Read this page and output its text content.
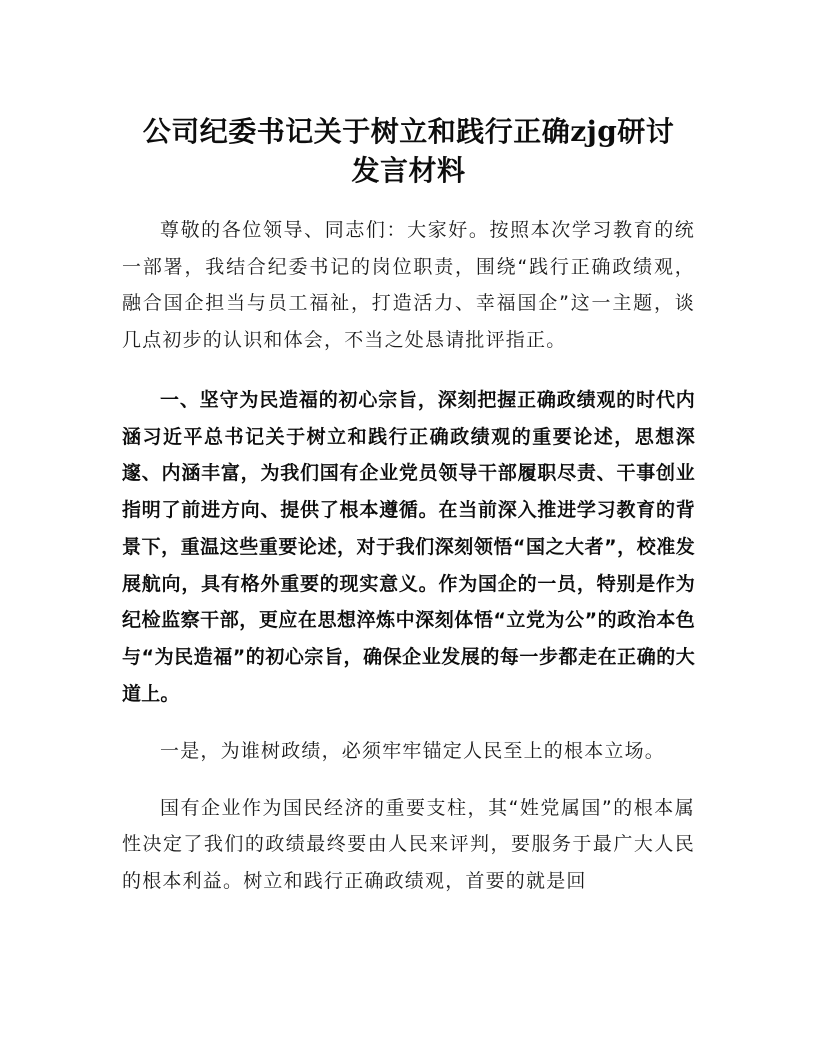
公司纪委书记关于树立和践行正确zjg研讨
发言材料

尊敬的各位领导、同志们：大家好。按照本次学习教育的统一部署，我结合纪委书记的岗位职责，围绕“践行正确政绩观，融合国企担当与员工福祉，打造活力、幸福国企”这一主题，谈几点初步的认识和体会，不当之处恳请批评指正。

一、坚守为民造福的初心宗旨，深刻把握正确政绩观的时代内涵习近平总书记关于树立和践行正确政绩观的重要论述，思想深邃、内涵丰富，为我们国有企业党员领导干部履职尽责、干事创业指明了前进方向、提供了根本遵循。在当前深入推进学习教育的背景下，重温这些重要论述，对于我们深刻领悟“国之大者”，校准发展航向，具有格外重要的现实意义。作为国企的一员，特别是作为纪检监察干部，更应在思想淬炼中深刻体悟“立党为公”的政治本色与“为民造福”的初心宗旨，确保企业发展的每一步都走在正确的大道上。

一是，为谁树政绩，必须牢牢锚定人民至上的根本立场。

国有企业作为国民经济的重要支柱，其“姓党属国”的根本属性决定了我们的政绩最终要由人民来评判，要服务于最广大人民的根本利益。树立和践行正确政绩观，首要的就是回
